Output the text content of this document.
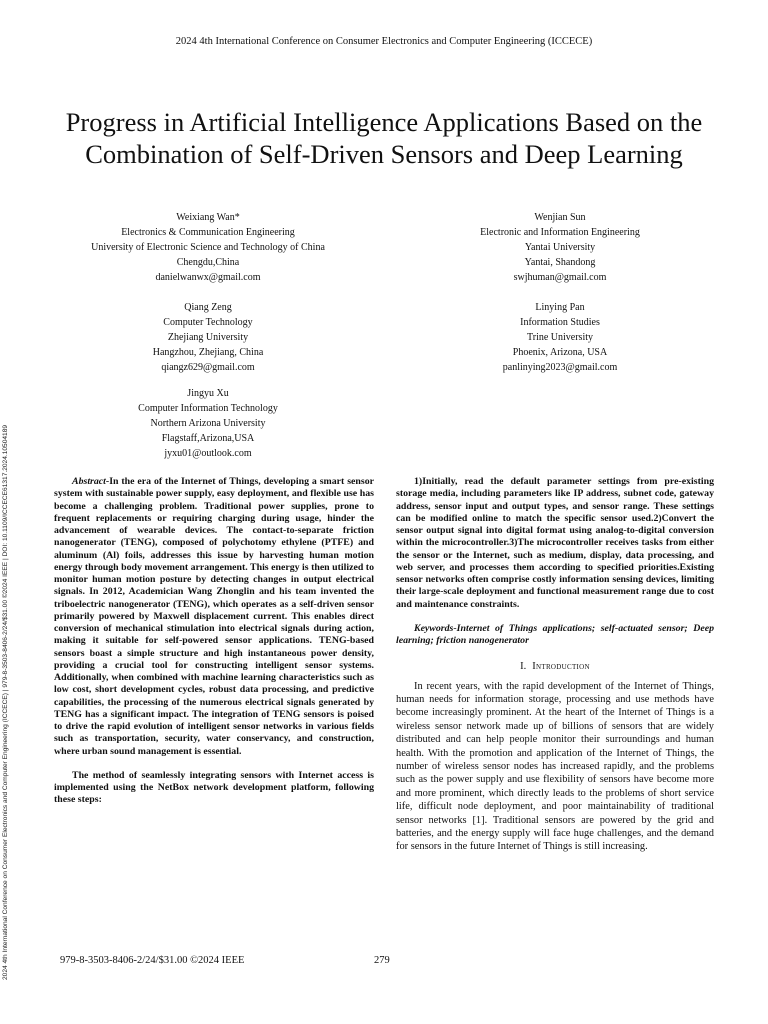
2024 4th International Conference on Consumer Electronics and Computer Engineering (ICCECE)
2024 4th International Conference on Consumer Electronics and Computer Engineering (ICCECE) | 979-8-3503-8406-2/24/$31.00 ©2024 IEEE | DOI: 10.1109/ICCECE61317.2024.10504189
Progress in Artificial Intelligence Applications Based on the Combination of Self-Driven Sensors and Deep Learning
Weixiang Wan*
Electronics & Communication Engineering
University of Electronic Science and Technology of China
Chengdu,China
danielwanwx@gmail.com
Wenjian Sun
Electronic and Information Engineering
Yantai University
Yantai, Shandong
swjhuman@gmail.com
Qiang Zeng
Computer Technology
Zhejiang University
Hangzhou, Zhejiang, China
qiangz629@gmail.com
Linying Pan
Information Studies
Trine University
Phoenix, Arizona, USA
panlinying2023@gmail.com
Jingyu Xu
Computer Information Technology
Northern Arizona University
Flagstaff,Arizona,USA
jyxu01@outlook.com

Abstract-In the era of the Internet of Things, developing a smart sensor system with sustainable power supply, easy deployment, and flexible use has become a challenging problem. Traditional power supplies, prone to frequent replacements or requiring charging during usage, hinder the advancement of wearable devices. The contact-to-separate friction nanogenerator (TENG), composed of polychotomy ethylene (PTFE) and aluminum (Al) foils, addresses this issue by harvesting human motion energy through body movement arrangement. This energy is then utilized to monitor human motion posture by detecting changes in output electrical signals. In 2012, Academician Wang Zhonglin and his team invented the triboelectric nanogenerator (TENG), which operates as a self-driven sensor primarily powered by Maxwell displacement current. This enables direct conversion of mechanical stimulation into electrical signals during action, making it suitable for self-powered sensor applications. TENG-based sensors boast a simple structure and high instantaneous power density, providing a crucial tool for constructing intelligent sensor systems. Additionally, when combined with machine learning characteristics such as low cost, short development cycles, robust data processing, and predictive capabilities, the processing of the numerous electrical signals generated by TENG has a significant impact. The integration of TENG sensors is poised to drive the rapid evolution of intelligent sensor networks in various fields such as transportation, security, water conservancy, and construction, where urban sound management is essential.

The method of seamlessly integrating sensors with Internet access is implemented using the NetBox network development platform, following these steps:

1)Initially, read the default parameter settings from pre-existing storage media, including parameters like IP address, subnet code, gateway address, sensor input and output types, and sensor range. These settings can be modified online to match the specific sensor used.2)Convert the sensor output signal into digital format using analog-to-digital conversion within the microcontroller.3)The microcontroller receives tasks from either the sensor or the Internet, such as medium, display, data processing, and web server, and processes them according to specified priorities.Existing sensor networks often comprise costly information sensing devices, limiting their large-scale deployment and functional measurement range due to cost and maintenance constraints.

Keywords-Internet of Things applications; self-actuated sensor; Deep learning; friction nanogenerator

I. Introduction

In recent years, with the rapid development of the Internet of Things, human needs for information storage, processing and use methods have become increasingly prominent. At the heart of the Internet of Things is a wireless sensor network made up of billions of sensors that are widely distributed and can help people monitor their surroundings and human health. With the promotion and application of the Internet of Things, the number of wireless sensor nodes has increased rapidly, and the problems such as the power supply and use flexibility of sensors have become more and more prominent, which directly leads to the problems of short service life, difficult node deployment, and poor maintainability of traditional sensor networks [1]. Traditional sensors are powered by the grid and batteries, and the energy supply will face huge challenges, and the demand for sensors in the future Internet of Things is still increasing.

979-8-3503-8406-2/24/$31.00 ©2024 IEEE	279
